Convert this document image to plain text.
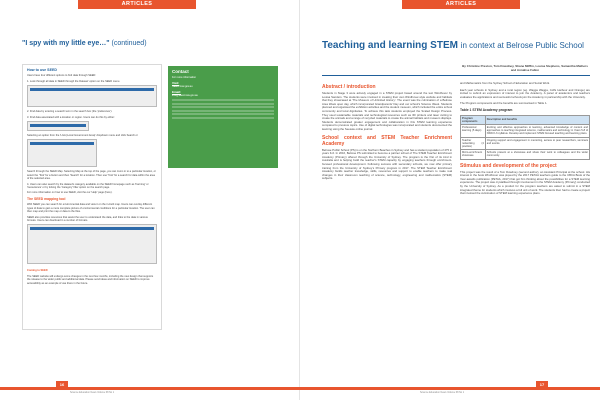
ARTICLES
"I spy with my little eye…" (continued)
How to use SEED

Users have four different options to find data through SEED:

1. Look through all data in SEED through the Dataset' option on the SEED menu.

2. Find data by entering a search term in the search box (the 'preference').

3. Find data associated with a location or region. Users can do this by either:

Selecting an option from the 'LGA (Local Government Area)' dropdown menu and click Search or

Search through the SEED Map. Selecting Map at the top of the page, you can zoom in to a particular location, or select the 'Tool' for a button and then 'Search' for a location. Then use 'Tool' for a search for data within the area of the selected area.

4. Users can also search by the dataset's category available on the SEED homepage such as 'Farming' or 'Geoscience' or by ticking the 'Category' filter option on the search page.

For more information on how to use SEED, visit the our 'Help' page (here).

The SEED mapping tool

With SEED you can search for environmental data and view it on the in-built map. Users can overlay different types of data to gain a more complete picture of environmental conditions for a particular location. The user can then map and print the map or data to the files.

SEED also provides resources that assist the user to understand the data, and links to the data in various formats. Users can download in a number of formats.

Coming to SEED

The SEED website will undergo some changes in the next few months, including the new design that supports the release to the wider public and additional data. Please send ideas and information on SEED to improve accessibility as an example of use there in the future.

Contact
For more information
Visit:
SEED.nsw.gov.au
Email:
info@seed.nsw.gov.au
16
Science Education News Volume 68 No 1
ARTICLES
Teaching and learning STEM in context at Belrose Public School
By Christine Preston, Tom Dowdney, Shane Mifflin, Louisa Stephens, Samantha Mathers and Annalise Fallon
Abstract / introduction

Students in Stage 3 were actively engaged in a STEM project based around the text Windhover by Louisa Sanders. The students were involved in creating their own Windhover-style website and habitats that they showcased at 'The Museum of Unlimited History'. The event was the culmination of a Belrose Area Week open day, which incorporated Grandparents' Day and our school's Science Week. Students planned and organised the exhibition activities and the student museum, which included the entire school community and local dignitaries. To achieve this task students employed the Scaled Design Process. They used sustainable materials and technological resources such as 3D printers and laser cutting to create the animals and a range of recycled materials to create the animal habitats and museum displays. Students demonstrated greater engagement and collaboration in this STEM learning experience compared to previous topics. Use of digital technologies was incorporated and students documented the learning using the Seesaw online journal.

School context and STEM Teacher Enrichment Academy

Belrose Public School (PS) is on the Northern Beaches in Sydney and has a student population of 475 in years K-6. In 2016, Belrose PS submitted to become a partner school of The STEM Teacher Enrichment Academy (Primary) offered through the University of Sydney. The program is the first of its kind in Australia and is helping build the teacher's STEM capacity by engaging teachers through enrichment-focused professional development. Following success with secondary schools, we now offer primary training from the University of Sydney's Primary program in 2017. The STEM Teacher Enrichment Academy builds teacher knowledge, skills, resources and support to enable teachers to make real changes in their classroom teaching of science, technology, engineering and mathematics (STEM) subjects.

and Mathematics from the Sydney School of Education and Social Work.

Each year schools in Sydney and a rural region (eg. Wagga Wagga, Coffs Harbour and Orange) are invited to submit an expression of interest to join the Academy. A panel of academics and teachers evaluates the applications and successful schools join the Academy in partnership with the University.

The Program components and the benefits are summarised in Table 1.

Table 1 STEM Academy program
Program components	Description and benefits
Professional learning (5 days)	Exciting and effective approaches to learning, advanced knowledge of content and approaches to teaching integrated science, mathematics and technology in Years 5-8 of NSW K-6 syllabus. Develop and implement STEM focused teaching and learning plans.
Teacher networking (4 practice)	Ongoing support and engagement in mentoring, access to peer researchers, seminars and events.
Micro-enrichment showcase	Schools present at a showcase and share their work to colleagues and the wider community.
Stimulus and development of the project

This project was the result of a Tom Dowdney (second author), an Assistant Principal at the school. His interest in the book Windhover was piqued by the 2017 PETAA teachers guide to the CBCA Book of the Year awards publication (PETAA, 2017) that got him thinking about the possibilities for a STEM learning experience. The project was crystallised through involvement in the STEM Academy (Primary) conducted by the University of Sydney. As a product for the program teachers are asked to submit in a STEM integrated theme for students which involves a full unit of work. The students then had to create a project that involved the culmination of STEM learning experience plans.

17
Science Education News Volume 68 No 1
